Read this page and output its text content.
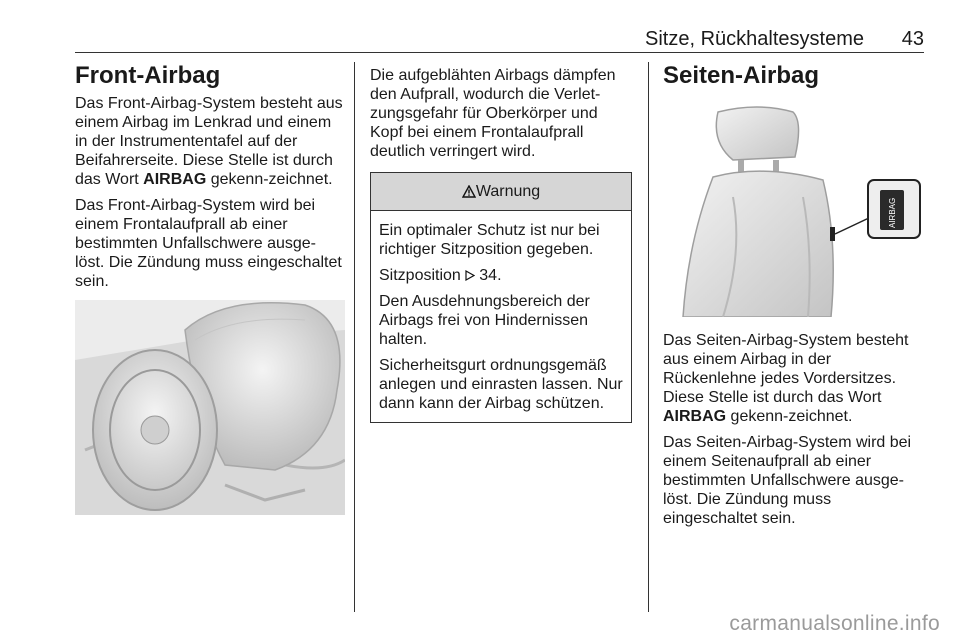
Sitze, Rückhaltesysteme 43
Front-Airbag

Das Front-Airbag-System besteht aus einem Airbag im Lenkrad und einem in der Instrumententafel auf der Beifahrerseite. Diese Stelle ist durch das Wort AIRBAG gekenn-zeichnet.

Das Front-Airbag-System wird bei einem Frontalaufprall ab einer bestimmten Unfallschwere ausge-löst. Die Zündung muss eingeschaltet sein.

Die aufgeblähten Airbags dämpfen den Aufprall, wodurch die Verlet-zungsgefahr für Oberkörper und Kopf bei einem Frontalaufprall deutlich verringert wird.

Warnung

Ein optimaler Schutz ist nur bei richtiger Sitzposition gegeben.

Sitzposition 34.

Den Ausdehnungsbereich der Airbags frei von Hindernissen halten.

Sicherheitsgurt ordnungsgemäß anlegen und einrasten lassen. Nur dann kann der Airbag schützen.

Seiten-Airbag
AIRBAG

Das Seiten-Airbag-System besteht aus einem Airbag in der Rückenlehne jedes Vordersitzes. Diese Stelle ist durch das Wort AIRBAG gekenn-zeichnet.

Das Seiten-Airbag-System wird bei einem Seitenaufprall ab einer bestimmten Unfallschwere ausge-löst. Die Zündung muss eingeschaltet sein.

carmanualsonline.info
